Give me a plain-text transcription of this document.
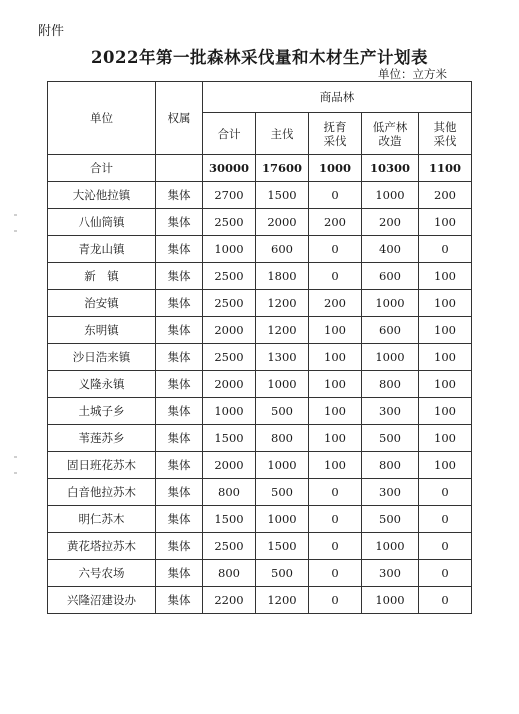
附件
2022年第一批森林采伐量和木材生产计划表
单位：立方米
单位	权属	商品林				
		合计	主伐	抚育采伐	低产林改造	其他采伐

合计		30000	17600	1000	10300	1100
大沁他拉镇	集体	2700	1500	0	1000	200
八仙筒镇	集体	2500	2000	200	200	100
青龙山镇	集体	1000	600	0	400	0
新　镇	集体	2500	1800	0	600	100
治安镇	集体	2500	1200	200	1000	100
东明镇	集体	2000	1200	100	600	100
沙日浩来镇	集体	2500	1300	100	1000	100
义隆永镇	集体	2000	1000	100	800	100
土城子乡	集体	1000	500	100	300	100
苇莲苏乡	集体	1500	800	100	500	100
固日班花苏木	集体	2000	1000	100	800	100
白音他拉苏木	集体	800	500	0	300	0
明仁苏木	集体	1500	1000	0	500	0
黄花塔拉苏木	集体	2500	1500	0	1000	0
六号农场	集体	800	500	0	300	0
兴隆沼建设办	集体	2200	1200	0	1000	0
